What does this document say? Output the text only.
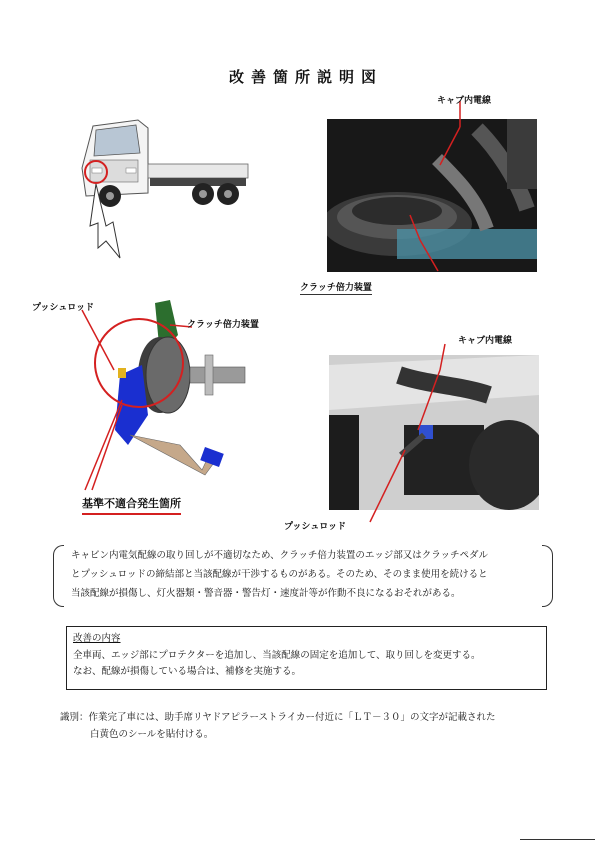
改善箇所説明図
キャブ内電線
クラッチ倍力装置
プッシュロッド
クラッチ倍力装置
基準不適合発生箇所
キャブ内電線
プッシュロッド
キャビン内電気配線の取り回しが不適切なため、クラッチ倍力装置のエッジ部又はクラッチペダル
とプッシュロッドの締結部と当該配線が干渉するものがある。そのため、そのまま使用を続けると
当該配線が損傷し、灯火器類・警音器・警告灯・速度計等が作動不良になるおそれがある。
改善の内容
全車両、エッジ部にプロテクターを追加し、当該配線の固定を追加して、取り回しを変更する。
なお、配線が損傷している場合は、補修を実施する。
識別：作業完了車には、助手席リヤドアピラーストライカー付近に「ＬＴ－３０」の文字が記載された
白黄色のシールを貼付ける。
